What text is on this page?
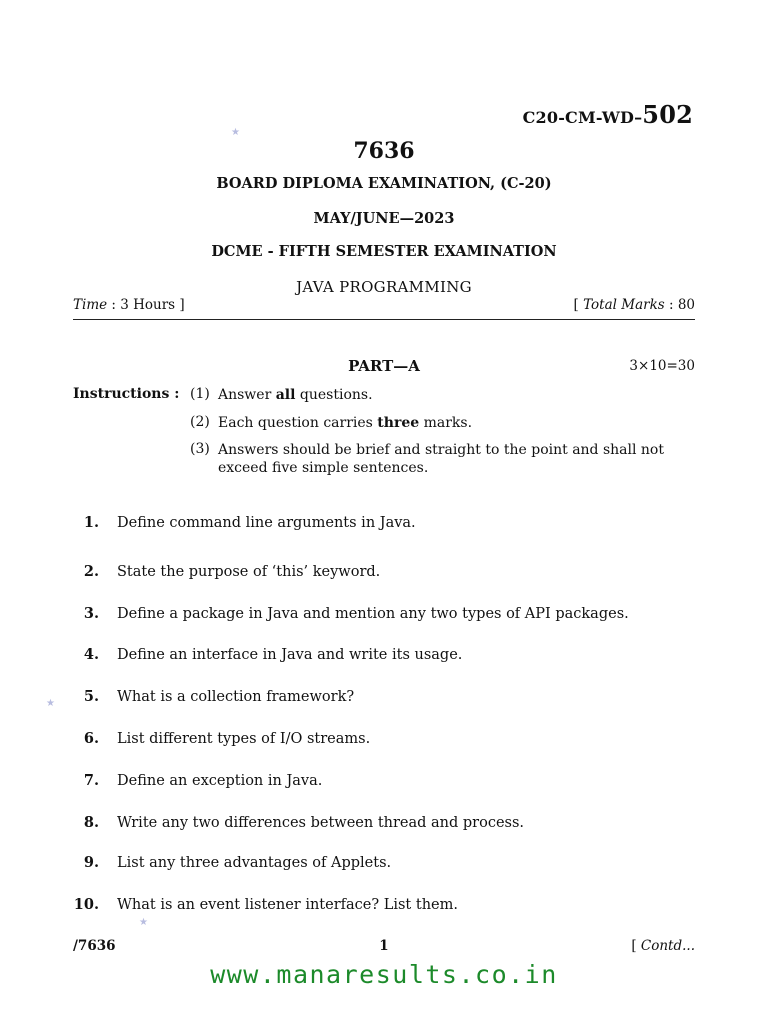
C20-CM-WD–502
★
7636
BOARD DIPLOMA EXAMINATION, (C-20)
MAY/JUNE—2023
DCME - FIFTH SEMESTER EXAMINATION
JAVA PROGRAMMING
Time : 3 Hours ]	[ Total Marks : 80
PART—A	3×10=30
Instructions : (1) Answer all questions.
(2) Each question carries three marks.
(3) Answers should be brief and straight to the point and shall not exceed five simple sentences.
1. Define command line arguments in Java.
2. State the purpose of ‘this’ keyword.
3. Define a package in Java and mention any two types of API packages.
4. Define an interface in Java and write its usage.
5. What is a collection framework?
6. List different types of I/O streams.
7. Define an exception in Java.
8. Write any two differences between thread and process.
9. List any three advantages of Applets.
10. What is an event listener interface? List them.
★
★
/7636	1	[ Contd...
www.manaresults.co.in
